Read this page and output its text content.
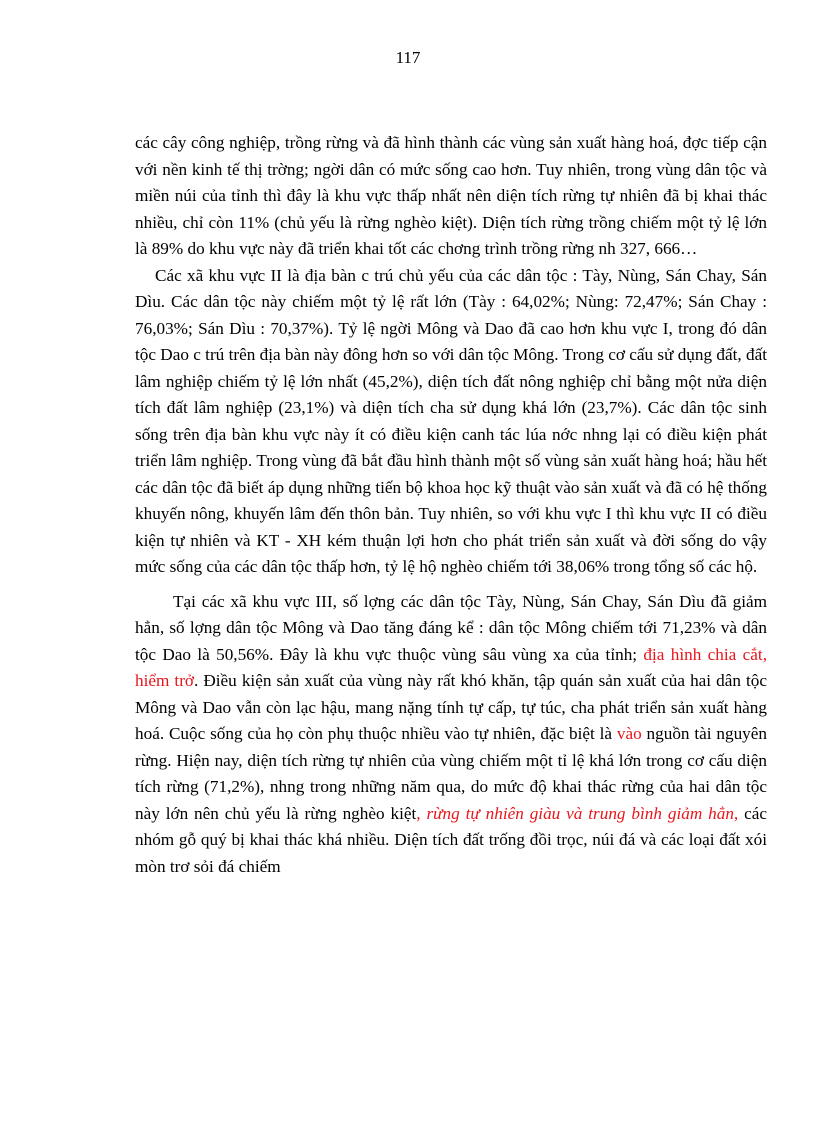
117

các cây công nghiệp, trồng rừng và đã hình thành các vùng sản xuất hàng hoá, đợc tiếp cận với nền kinh tế thị trờng; ngời dân có mức sống cao hơn. Tuy nhiên, trong vùng dân tộc và miền núi của tỉnh thì đây là khu vực thấp nhất nên diện tích rừng tự nhiên đã bị khai thác nhiều, chỉ còn 11% (chủ yếu là rừng nghèo kiệt). Diện tích rừng trồng chiếm một tỷ lệ lớn là 89% do khu vực này đã triển khai tốt các chơng trình trồng rừng nh 327, 666…

Các xã khu vực II là địa bàn c trú chủ yếu của các dân tộc : Tày, Nùng, Sán Chay, Sán Dìu. Các dân tộc này chiếm một tỷ lệ rất lớn (Tày : 64,02%; Nùng: 72,47%; Sán Chay : 76,03%; Sán Dìu : 70,37%). Tỷ lệ ngời Mông và Dao đã cao hơn khu vực I, trong đó dân tộc Dao c trú trên địa bàn này đông hơn so với dân tộc Mông. Trong cơ cấu sử dụng đất, đất lâm nghiệp chiếm tỷ lệ lớn nhất (45,2%), diện tích đất nông nghiệp chỉ bằng một nửa diện tích đất lâm nghiệp (23,1%) và diện tích cha sử dụng khá lớn (23,7%). Các dân tộc sinh sống trên địa bàn khu vực này ít có điều kiện canh tác lúa nớc nhng lại có điều kiện phát triển lâm nghiệp. Trong vùng đã bắt đầu hình thành một số vùng sản xuất hàng hoá; hầu hết các dân tộc đã biết áp dụng những tiến bộ khoa học kỹ thuật vào sản xuất và đã có hệ thống khuyến nông, khuyến lâm đến thôn bản. Tuy nhiên, so với khu vực I thì khu vực II có điều kiện tự nhiên và KT - XH kém thuận lợi hơn cho phát triển sản xuất và đời sống do vậy mức sống của các dân tộc thấp hơn, tỷ lệ hộ nghèo chiếm tới 38,06% trong tổng số các hộ.

Tại các xã khu vực III, số lợng các dân tộc Tày, Nùng, Sán Chay, Sán Dìu đã giảm hẳn, số lợng dân tộc Mông và Dao tăng đáng kể : dân tộc Mông chiếm tới 71,23% và dân tộc Dao là 50,56%. Đây là khu vực thuộc vùng sâu vùng xa của tỉnh; địa hình chia cắt, hiểm trở. Điều kiện sản xuất của vùng này rất khó khăn, tập quán sản xuất của hai dân tộc Mông và Dao vẫn còn lạc hậu, mang nặng tính tự cấp, tự túc, cha phát triển sản xuất hàng hoá. Cuộc sống của họ còn phụ thuộc nhiều vào tự nhiên, đặc biệt là vào nguồn tài nguyên rừng. Hiện nay, diện tích rừng tự nhiên của vùng chiếm một tỉ lệ khá lớn trong cơ cấu diện tích rừng (71,2%), nhng trong những năm qua, do mức độ khai thác rừng của hai dân tộc này lớn nên chủ yếu là rừng nghèo kiệt, rừng tự nhiên giàu và trung bình giảm hẳn, các nhóm gỗ quý bị khai thác khá nhiều. Diện tích đất trống đồi trọc, núi đá và các loại đất xói mòn trơ sỏi đá chiếm
